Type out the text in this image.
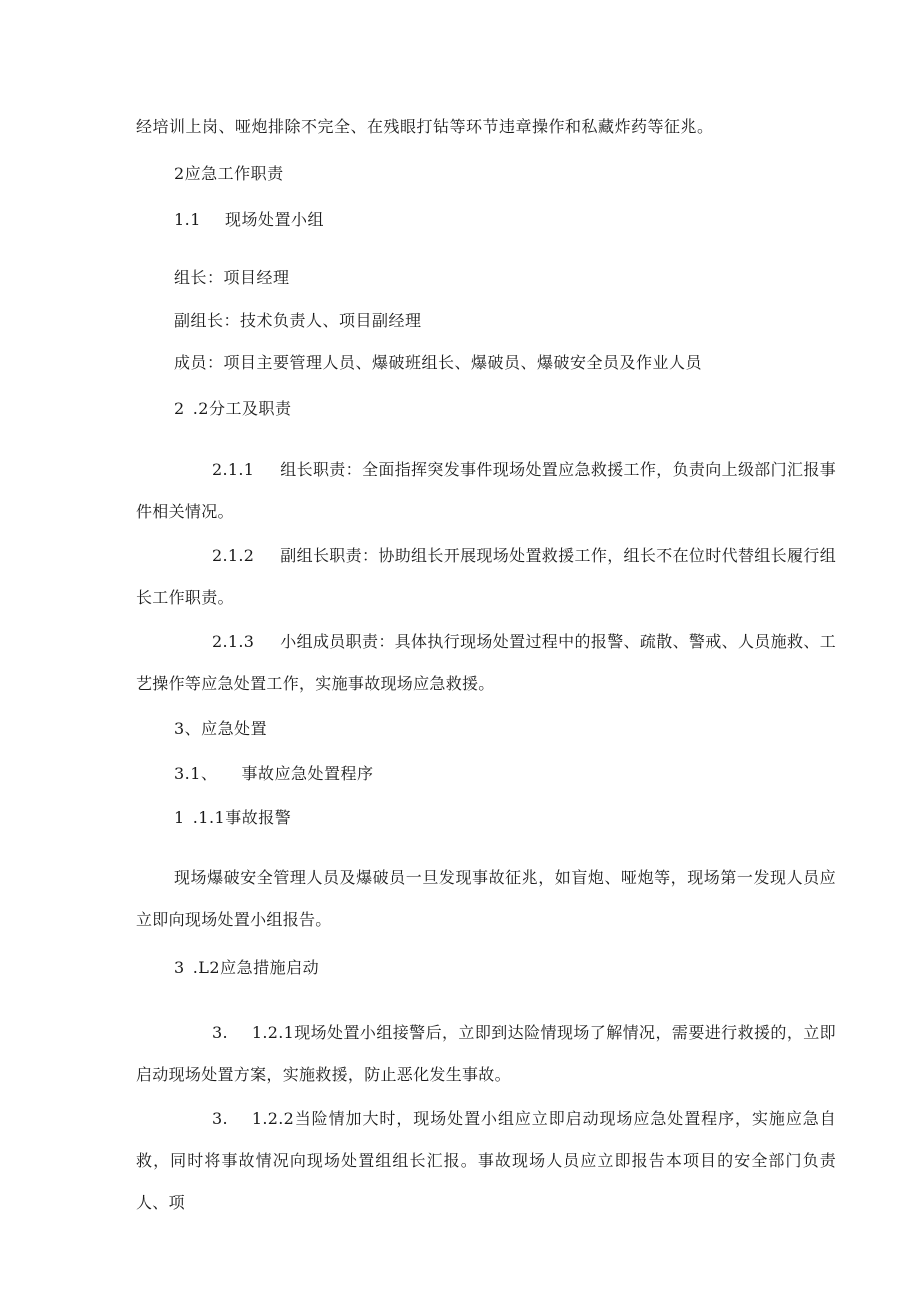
经培训上岗、哑炮排除不完全、在残眼打钻等环节违章操作和私藏炸药等征兆。
2应急工作职责
1.1 现场处置小组
组长：项目经理
副组长：技术负责人、项目副经理
成员：项目主要管理人员、爆破班组长、爆破员、爆破安全员及作业人员
2 .2分工及职责
2.1.1 组长职责：全面指挥突发事件现场处置应急救援工作，负责向上级部门汇报事件相关情况。
2.1.2 副组长职责：协助组长开展现场处置救援工作，组长不在位时代替组长履行组长工作职责。
2.1.3 小组成员职责：具体执行现场处置过程中的报警、疏散、警戒、人员施救、工艺操作等应急处置工作，实施事故现场应急救援。
3、应急处置
3.1、 事故应急处置程序
1 .1.1事故报警
现场爆破安全管理人员及爆破员一旦发现事故征兆，如盲炮、哑炮等，现场第一发现人员应立即向现场处置小组报告。
3 .L2应急措施启动
3. 1.2.1现场处置小组接警后，立即到达险情现场了解情况，需要进行救援的，立即启动现场处置方案，实施救援，防止恶化发生事故。
3. 1.2.2当险情加大时，现场处置小组应立即启动现场应急处置程序，实施应急自救，同时将事故情况向现场处置组组长汇报。事故现场人员应立即报告本项目的安全部门负责人、项
